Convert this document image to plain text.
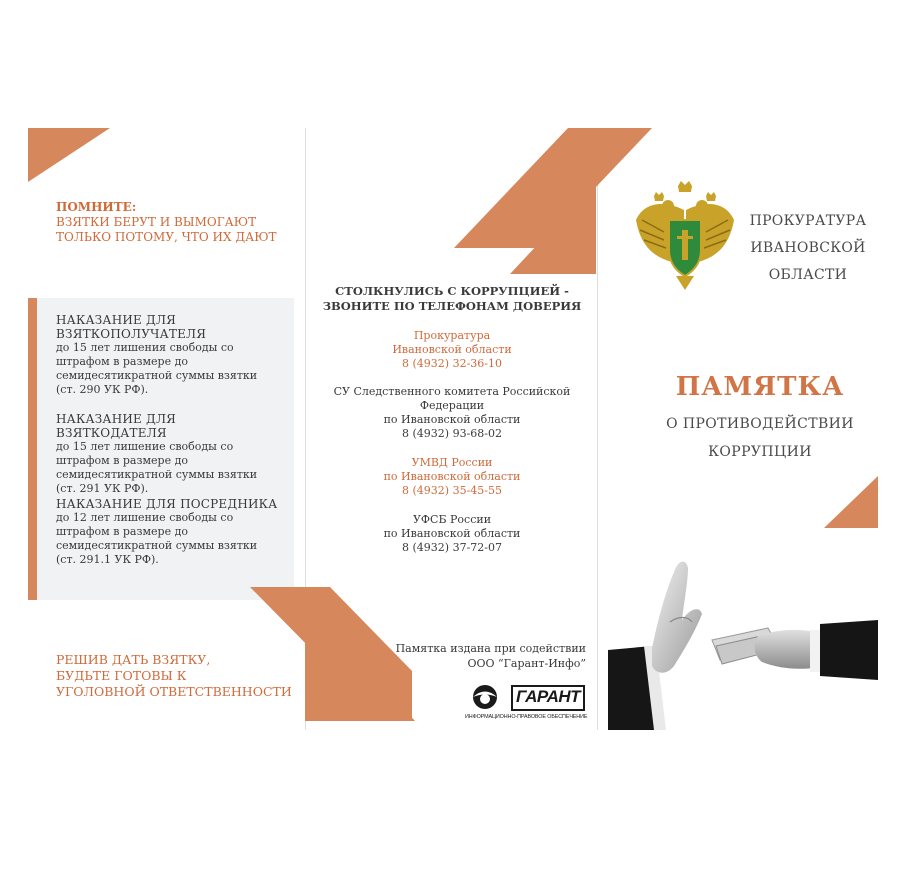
ПОМНИТЕ:
ВЗЯТКИ БЕРУТ И ВЫМОГАЮТ
ТОЛЬКО ПОТОМУ, ЧТО ИХ ДАЮТ
НАКАЗАНИЕ ДЛЯ
ВЗЯТКОПОЛУЧАТЕЛЯ
до 15 лет лишения свободы со
штрафом в размере до
семидесятикратной суммы взятки
(ст. 290 УК РФ).
НАКАЗАНИЕ ДЛЯ ВЗЯТКОДАТЕЛЯ
до 15 лет лишение свободы со
штрафом в размере до
семидесятикратной суммы взятки
(ст. 291 УК РФ).
НАКАЗАНИЕ ДЛЯ ПОСРЕДНИКА
до 12 лет лишение свободы со
штрафом в размере до
семидесятикратной суммы взятки
(ст. 291.1 УК РФ).
РЕШИВ ДАТЬ ВЗЯТКУ,
БУДЬТЕ ГОТОВЫ К
УГОЛОВНОЙ ОТВЕТСТВЕННОСТИ
СТОЛКНУЛИСЬ С КОРРУПЦИЕЙ -
ЗВОНИТЕ ПО ТЕЛЕФОНАМ ДОВЕРИЯ
Прокуратура
Ивановской области
8 (4932) 32-36-10
СУ Следственного комитета Российской
Федерации
по Ивановской области
8 (4932) 93-68-02
УМВД России
по Ивановской области
8 (4932) 35-45-55
УФСБ России
по Ивановской области
8 (4932) 37-72-07
Памятка издана при содействии
ООО “Гарант-Инфо”
ГАРАНТ
ИНФОРМАЦИОННО-ПРАВОВОЕ ОБЕСПЕЧЕНИЕ
ПРОКУРАТУРА
ИВАНОВСКОЙ
ОБЛАСТИ
ПАМЯТКА
О ПРОТИВОДЕЙСТВИИ
КОРРУПЦИИ
